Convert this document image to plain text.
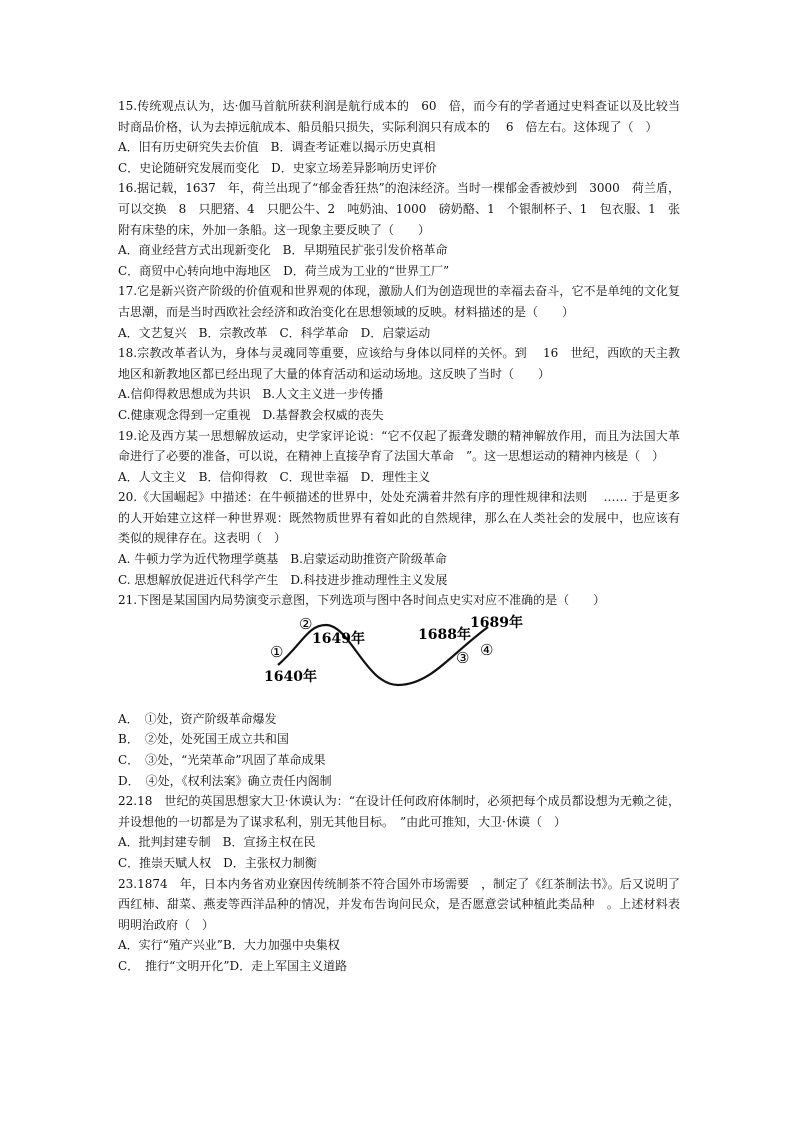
15.传统观点认为，达·伽马首航所获利润是航行成本的　60　倍，而今有的学者通过史料查证以及比较当时商品价格，认为去掉远航成本、船员船只损失，实际利润只有成本的　 6　倍左右。这体现了（　）

A．旧有历史研究失去价值　B．调查考证难以揭示历史真相

C．史论随研究发展而变化　D．史家立场差异影响历史评价

16.据记载，1637　年，荷兰出现了“郁金香狂热”的泡沫经济。当时一棵郁金香被炒到　3000　荷兰盾，可以交换　8　只肥猪、4　只肥公牛、2　吨奶油、1000　磅奶酪、1　个银制杯子、1　包衣服、1　张附有床垫的床，外加一条船。这一现象主要反映了（　　）

A．商业经营方式出现新变化　B．早期殖民扩张引发价格革命

C．商贸中心转向地中海地区　D．荷兰成为工业的“世界工厂”

17.它是新兴资产阶级的价值观和世界观的体现，激励人们为创造现世的幸福去奋斗，它不是单纯的文化复古思潮，而是当时西欧社会经济和政治变化在思想领域的反映。材料描述的是（　　）

A．文艺复兴　B．宗教改革　C．科学革命　D．启蒙运动

18.宗教改革者认为，身体与灵魂同等重要，应该给与身体以同样的关怀。到　 16　世纪，西欧的天主教地区和新教地区都已经出现了大量的体育活动和运动场地。这反映了当时（　　）

A.信仰得救思想成为共识　B.人文主义进一步传播

C.健康观念得到一定重视　D.基督教会权威的丧失

19.论及西方某一思想解放运动，史学家评论说：“它不仅起了振聋发聩的精神解放作用，而且为法国大革命进行了必要的准备，可以说，在精神上直接孕育了法国大革命　”。这一思想运动的精神内核是（　）

A．人文主义　B．信仰得救　C．现世幸福　D．理性主义

20.《大国崛起》中描述：在牛顿描述的世界中，处处充满着井然有序的理性规律和法则　 …… 于是更多的人开始建立这样一种世界观：既然物质世界有着如此的自然规律，那么在人类社会的发展中，也应该有类似的规律存在。这表明（　）

A. 牛顿力学为近代物理学奠基　B.启蒙运动助推资产阶级革命

C. 思想解放促进近代科学产生　D.科技进步推动理性主义发展

21.下图是某国国内局势演变示意图，下列选项与图中各时间点史实对应不准确的是（　　）

①
②
③ ④
1640年
1649年	1688年
1689年

A．　①处，资产阶级革命爆发

B．　②处，处死国王成立共和国

C．　③处，“光荣革命”巩固了革命成果

D．　④处，《权利法案》确立责任内阁制

22.18　世纪的英国思想家大卫·休谟认为：“在设计任何政府体制时，必须把每个成员都设想为无赖之徒，并设想他的一切都是为了谋求私利，别无其他目标。　”由此可推知，大卫·休谟（　）

A．批判封建专制　B．宣扬主权在民

C．推崇天赋人权　D．主张权力制衡

23.1874　年，日本内务省劝业寮因传统制茶不符合国外市场需要　，制定了《红茶制法书》。后又说明了西红柿、甜菜、燕麦等西洋品种的情况，并发布告询问民众，是否愿意尝试种植此类品种　。上述材料表明明治政府（　）

A．实行“殖产兴业”B．大力加强中央集权

C．　推行“文明开化”D．走上军国主义道路
